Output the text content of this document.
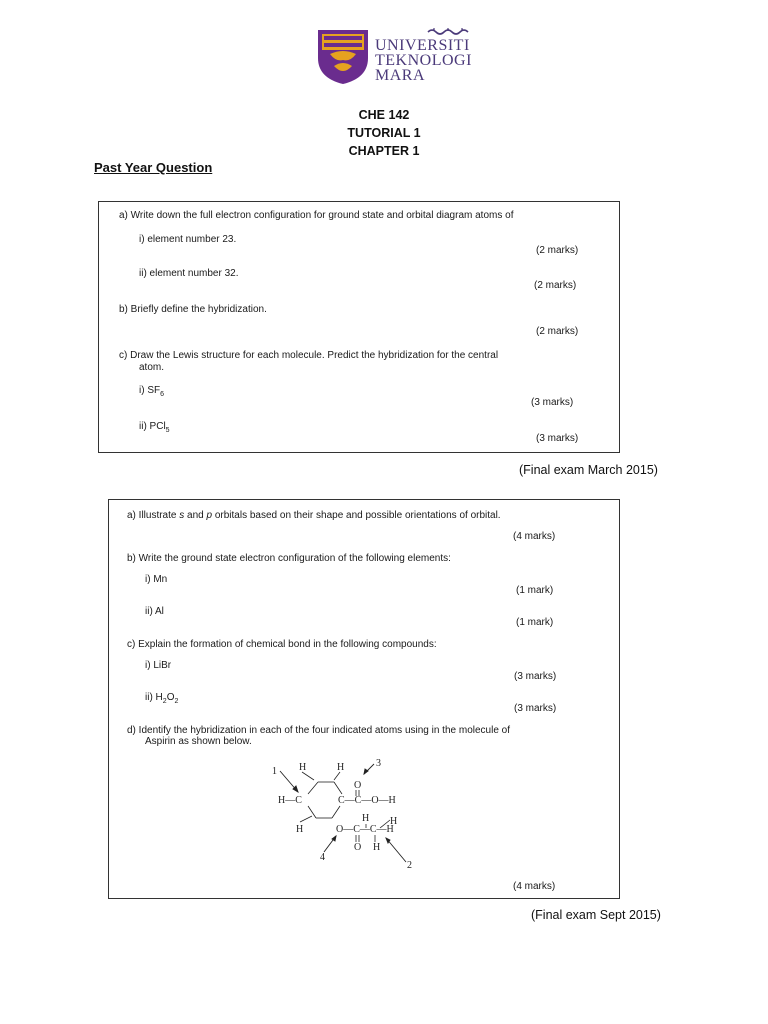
UNIVERSITI
TEKNOLOGI
MARA
CHE 142
TUTORIAL 1
CHAPTER 1
Past Year Question
a) Write down the full electron configuration for ground state and orbital diagram atoms of
i) element number 23.
(2 marks)
ii) element number 32.
(2 marks)
b) Briefly define the hybridization.
(2 marks)
c) Draw the Lewis structure for each molecule. Predict the hybridization for the central
atom.
i) $SF_6$
(3 marks)
ii) PCl$_5$
(3 marks)
(Final exam March 2015)
a) Illustrate s and p orbitals based on their shape and possible orientations of orbital.
(4 marks)
b) Write the ground state electron configuration of the following elements:
i) Mn
(1 mark)
ii) Al
(1 mark)
c) Explain the formation of chemical bond in the following compounds:
i) LiBr
(3 marks)
ii) $H_2O_2$
(3 marks)
d) Identify the hybridization in each of the four indicated atoms using in the molecule of
Aspirin as shown below.
(4 marks)
1 H	H	3
O
H—C	C—C—O—H
H H
H	O—C—C—H
O H
4
2
(Final exam Sept 2015)
